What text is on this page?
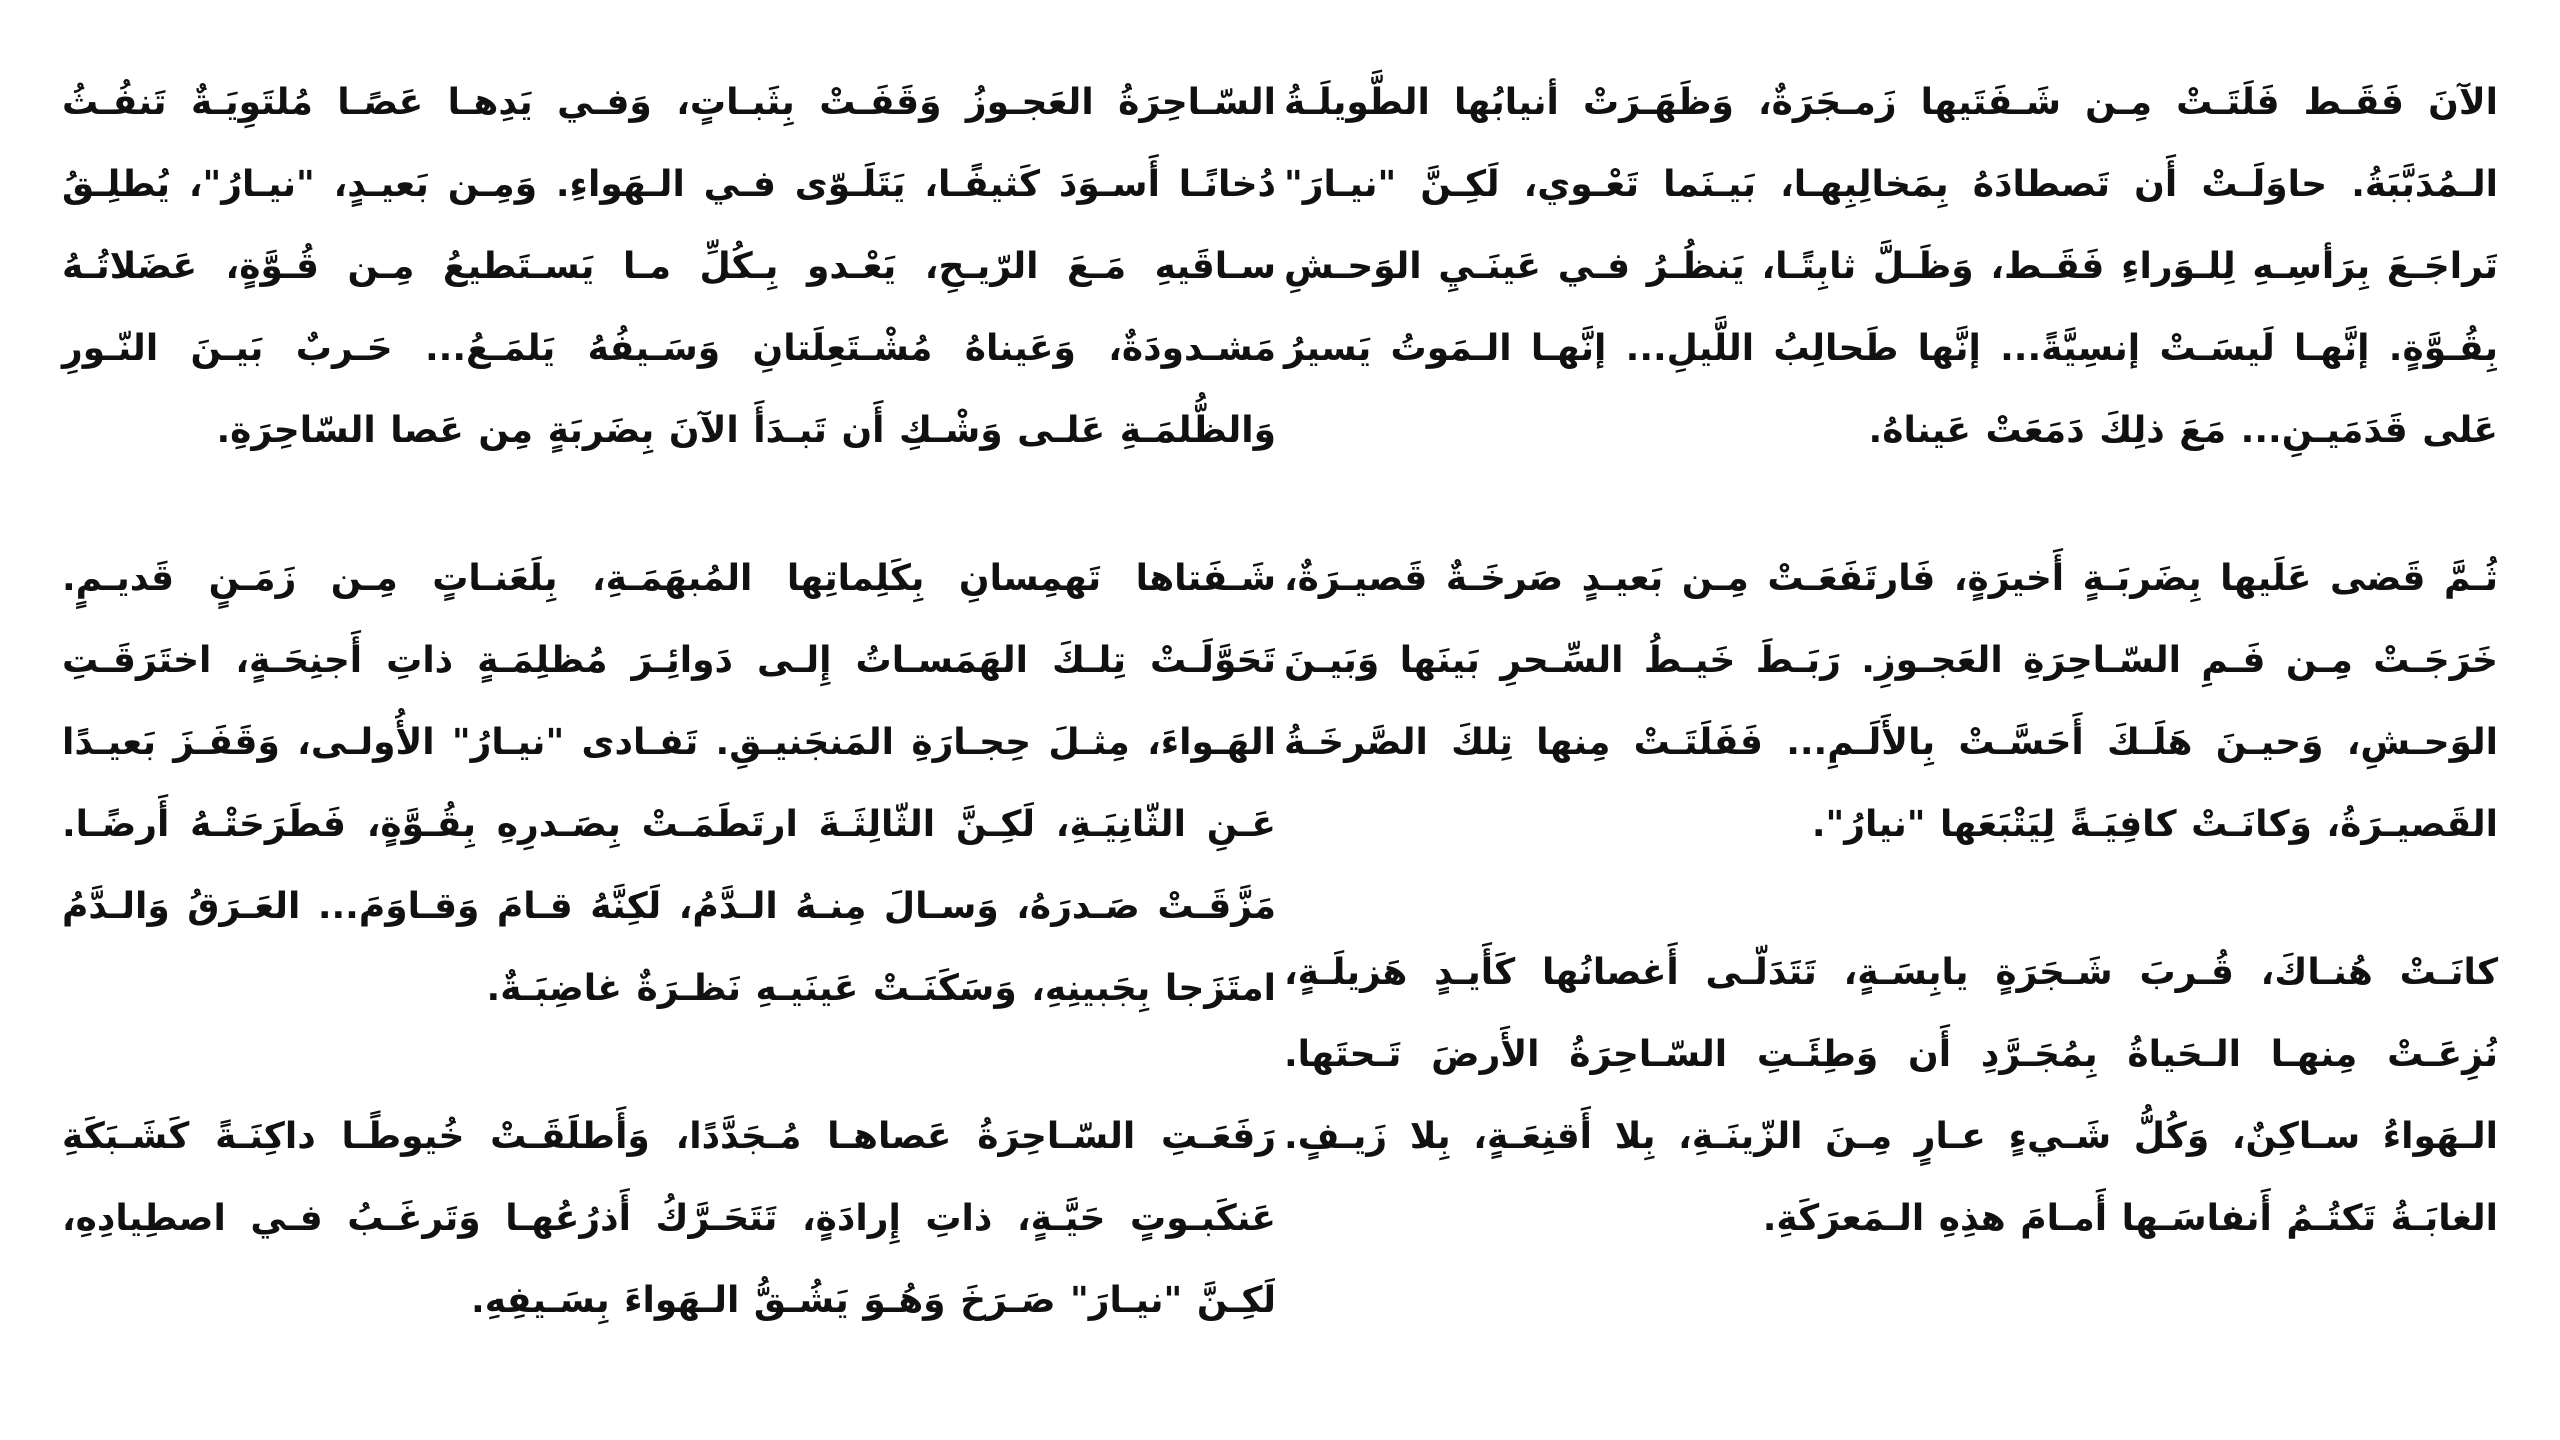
الآنَ فَقَـط فَلَتَـتْ مِـن شَـفَتَيها زَمـجَرَةٌ، وَظَهَـرَتْ أنيابُها الطَّويلَـةُ الـمُدَبَّبَةُ. حاوَلَـتْ أَن تَصطادَهُ بِمَخالِبِهـا، بَيـنَما تَعْـوي، لَكِـنَّ "نيـارَ" تَراجَـعَ بِرَأسِـهِ لِلـوَراءِ فَقَـط، وَظَـلَّ ثابِتًـا، يَنظُـرُ فـي عَينَـيِ الوَحـشِ بِقُـوَّةٍ. إنَّهـا لَيسَـتْ إنسِيَّةً... إنَّها طَحالِبُ اللَّيلِ... إنَّهـا الـمَوتُ يَسيرُ عَلى قَدَمَيـنِ... مَعَ ذلِكَ دَمَعَتْ عَيناهُ.

ثُـمَّ قَضى عَلَيها بِضَربَـةٍ أَخيرَةٍ، فَارتَفَعَـتْ مِـن بَعيـدٍ صَرخَـةٌ قَصيـرَةٌ، خَرَجَـتْ مِـن فَـمِ السّـاحِرَةِ العَجـوزِ. رَبَـطَ خَيـطُ السِّـحرِ بَينَها وَبَيـنَ الوَحـشِ، وَحيـنَ هَلَـكَ أَحَسَّـتْ بِالأَلَـمِ... فَفَلَتَـتْ مِنها تِلكَ الصَّرخَـةُ القَصيـرَةُ، وَكانَـتْ كافِيَـةً لِيَتْبَعَها "نيارُ".

كانَـتْ هُنـاكَ، قُـربَ شَـجَرَةٍ يابِسَـةٍ، تَتَدَلّـى أَغصانُها كَأَيـدٍ هَزيلَـةٍ، نُزِعَـتْ مِنهـا الـحَياةُ بِمُجَـرَّدِ أَن وَطِئَـتِ السّـاحِرَةُ الأَرضَ تَـحتَها. الـهَواءُ سـاكِنٌ، وَكُلُّ شَـيءٍ عـارٍ مِـنَ الزّينَـةِ، بِلا أَقنِعَـةٍ، بِلا زَيـفٍ. الغابَـةُ تَكتُـمُ أَنفاسَـها أَمـامَ هذِهِ الـمَعرَكَةِ.

السّـاحِرَةُ العَجـوزُ وَقَفَـتْ بِثَبـاتٍ، وَفـي يَدِهـا عَصًـا مُلتَوِيَـةٌ تَنفُـثُ دُخانًـا أَسـوَدَ كَثيفًـا، يَتَلَـوّى فـي الـهَواءِ. وَمِـن بَعيـدٍ، "نيـارُ"، يُطلِـقُ سـاقَيهِ مَـعَ الرّيـحِ، يَعْـدو بِـكُلِّ مـا يَسـتَطيعُ مِـن قُـوَّةٍ، عَضَلاتُـهُ مَشـدودَةٌ، وَعَيناهُ مُشْـتَعِلَتانِ وَسَـيفُهُ يَلمَـعُ... حَـربٌ بَيـنَ النّـورِ وَالظُّلمَـةِ عَلـى وَشْـكِ أَن تَبـدَأَ الآنَ بِضَربَةٍ مِن عَصا السّاحِرَةِ.

شَـفَتاها تَهمِسانِ بِكَلِماتِها المُبهَمَـةِ، بِلَعَنـاتٍ مِـن زَمَـنٍ قَديـمٍ. تَحَوَّلَـتْ تِلـكَ الهَمَسـاتُ إِلـى دَوائِـرَ مُظلِمَـةٍ ذاتِ أَجنِحَـةٍ، اختَرَقَـتِ الهَـواءَ، مِثـلَ حِجـارَةِ المَنجَنيـقِ. تَفـادى "نيـارُ" الأُولـى، وَقَفَـزَ بَعيـدًا عَـنِ الثّانِيَـةِ، لَكِـنَّ الثّالِثَـةَ ارتَطَمَـتْ بِصَـدرِهِ بِقُـوَّةٍ، فَطَرَحَتْـهُ أَرضًـا. مَزَّقَـتْ صَـدرَهُ، وَسـالَ مِنـهُ الـدَّمُ، لَكِنَّهُ قـامَ وَقـاوَمَ... العَـرَقُ وَالـدَّمُ امتَزَجا بِجَبينِهِ، وَسَكَنَـتْ عَينَيـهِ نَظـرَةٌ غاضِبَـةٌ.

رَفَعَـتِ السّـاحِرَةُ عَصاهـا مُـجَدَّدًا، وَأَطلَقَـتْ خُيوطًـا داكِنَـةً كَشَـبَكَةِ عَنكَبـوتٍ حَيَّـةٍ، ذاتِ إِرادَةٍ، تَتَحَـرَّكُ أَذرُعُهـا وَتَرغَـبُ فـي اصطِيادِهِ، لَكِـنَّ "نيـارَ" صَـرَخَ وَهُـوَ يَشُـقُّ الـهَواءَ بِسَـيفِهِ.
